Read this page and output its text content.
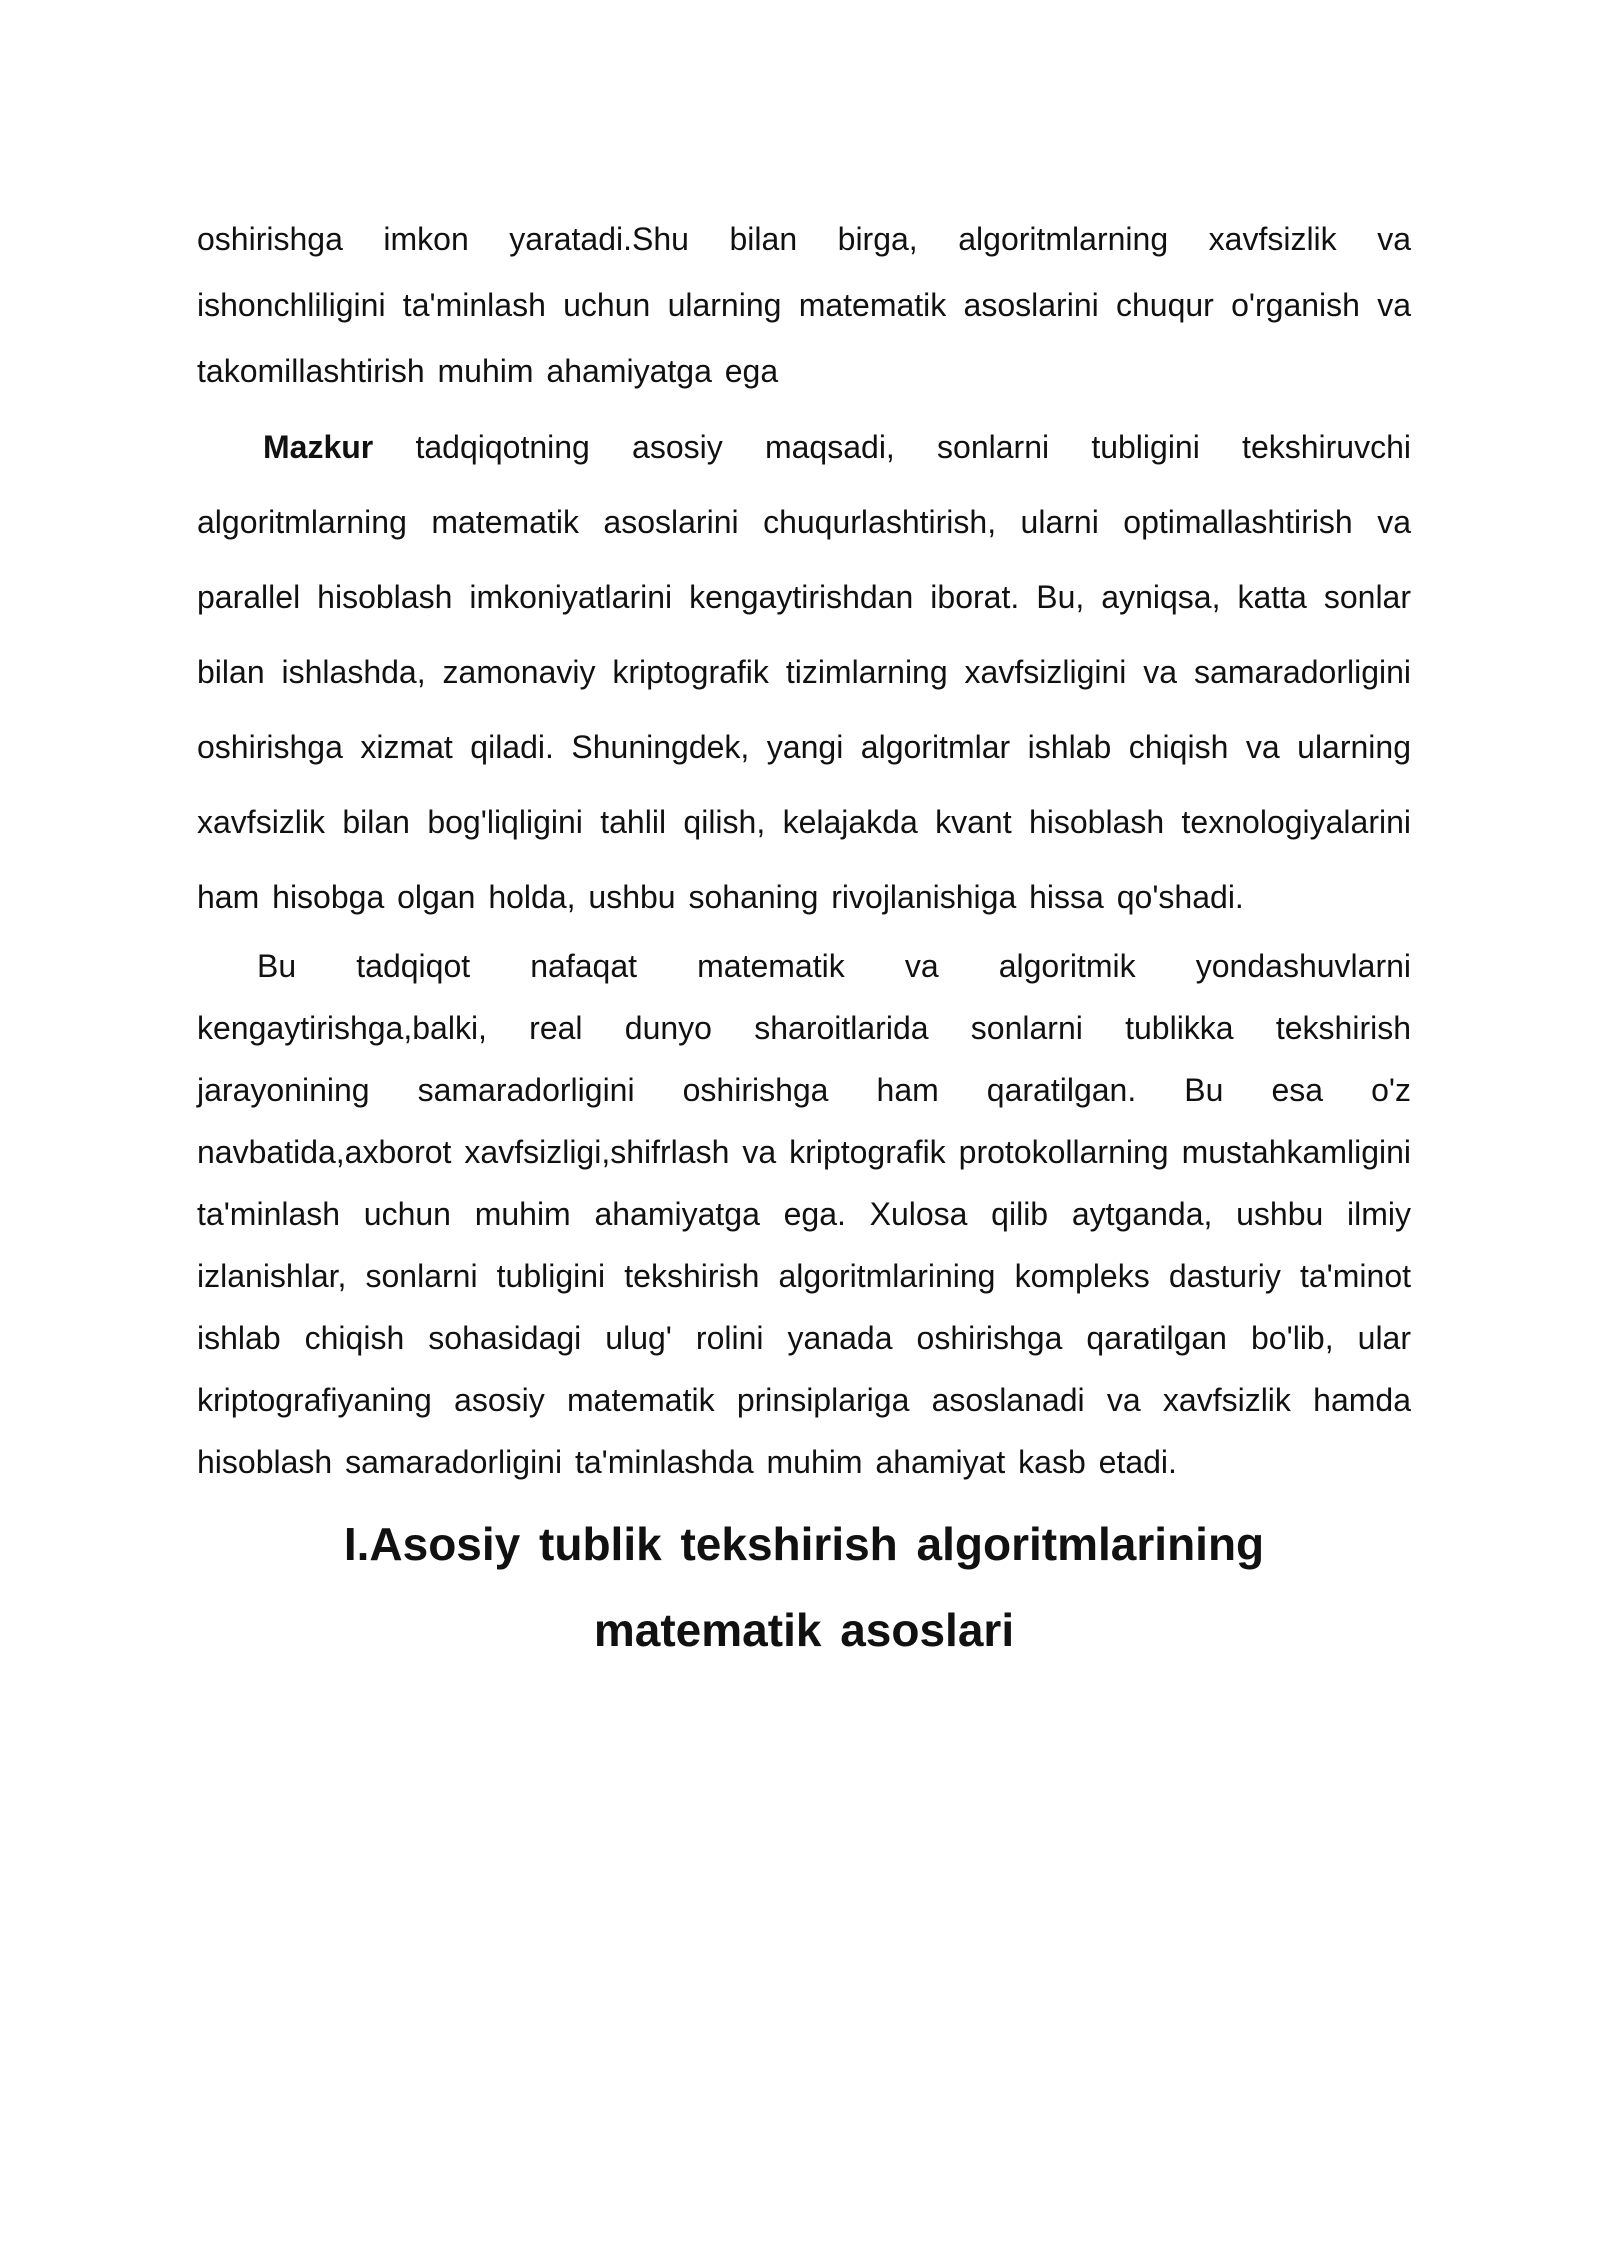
oshirishga imkon yaratadi.Shu bilan birga, algoritmlarning xavfsizlik va ishonchliligini ta'minlash uchun ularning matematik asoslarini chuqur o'rganish va takomillashtirish muhim ahamiyatga ega

Mazkur tadqiqotning asosiy maqsadi, sonlarni tubligini tekshiruvchi algoritmlarning matematik asoslarini chuqurlashtirish, ularni optimallashtirish va parallel hisoblash imkoniyatlarini kengaytirishdan iborat. Bu, ayniqsa, katta sonlar bilan ishlashda, zamonaviy kriptografik tizimlarning xavfsizligini va samaradorligini oshirishga xizmat qiladi. Shuningdek, yangi algoritmlar ishlab chiqish va ularning xavfsizlik bilan bog'liqligini tahlil qilish, kelajakda kvant hisoblash texnologiyalarini ham hisobga olgan holda, ushbu sohaning rivojlanishiga hissa qo'shadi.

Bu tadqiqot nafaqat matematik va algoritmik yondashuvlarni kengaytirishga,balki, real dunyo sharoitlarida sonlarni tublikka tekshirish jarayonining samaradorligini oshirishga ham qaratilgan. Bu esa o'z navbatida,axborot xavfsizligi,shifrlash va kriptografik protokollarning mustahkamligini ta'minlash uchun muhim ahamiyatga ega. Xulosa qilib aytganda, ushbu ilmiy izlanishlar, sonlarni tubligini tekshirish algoritmlarining kompleks dasturiy ta'minot ishlab chiqish sohasidagi ulug' rolini yanada oshirishga qaratilgan bo'lib, ular kriptografiyaning asosiy matematik prinsiplariga asoslanadi va xavfsizlik hamda hisoblash samaradorligini ta'minlashda muhim ahamiyat kasb etadi.

I.Asosiy tublik tekshirish algoritmlarining
matematik asoslari
